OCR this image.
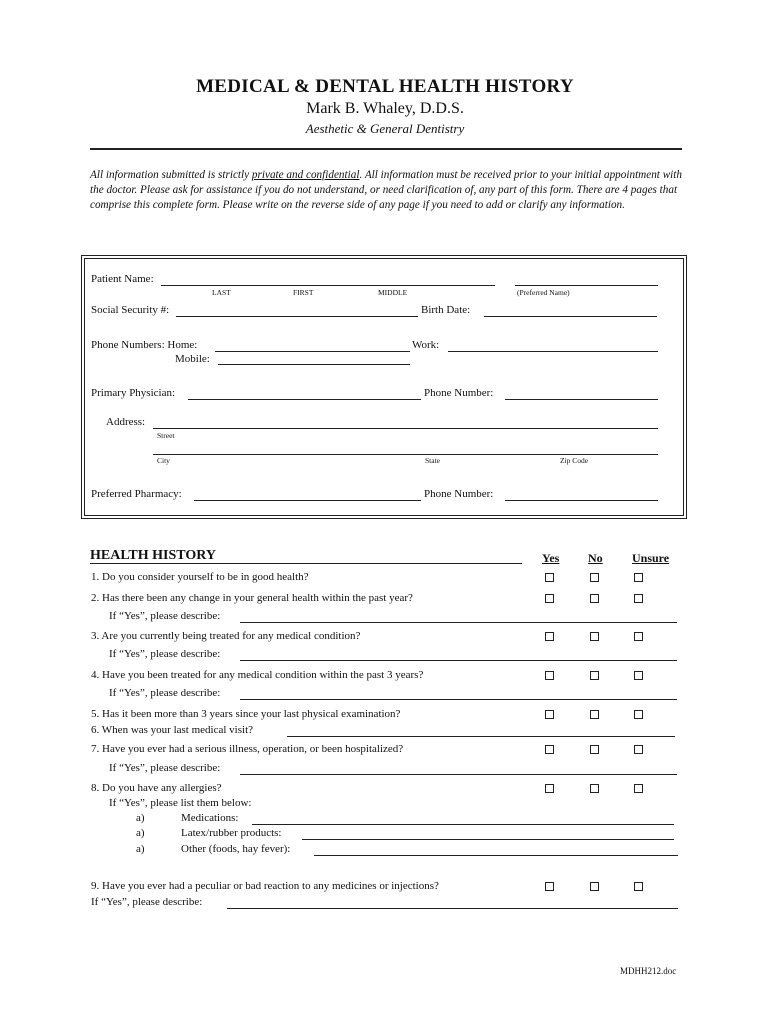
MEDICAL & DENTAL HEALTH HISTORY
Mark B. Whaley, D.D.S.
Aesthetic & General Dentistry
All information submitted is strictly private and confidential. All information must be received prior to your initial appointment with the doctor. Please ask for assistance if you do not understand, or need clarification of, any part of this form. There are 4 pages that comprise this complete form. Please write on the reverse side of any page if you need to add or clarify any information.
Patient Name:
LAST	FIRST	MIDDLE	(Preferred Name)
Social Security #:	Birth Date:
Phone Numbers: Home:	Work:
Mobile:
Primary Physician:	Phone Number:
Address:
Street
City	State	Zip Code
Preferred Pharmacy:	Phone Number:
HEALTH HISTORY	Yes No Unsure
1. Do you consider yourself to be in good health?
2. Has there been any change in your general health within the past year?
If “Yes”, please describe:
3. Are you currently being treated for any medical condition?
If “Yes”, please describe:
4. Have you been treated for any medical condition within the past 3 years?
If “Yes”, please describe:
5. Has it been more than 3 years since your last physical examination?
6. When was your last medical visit?
7. Have you ever had a serious illness, operation, or been hospitalized?
If “Yes”, please describe:
8. Do you have any allergies?
If “Yes”, please list them below:
a)	Medications:
a)	Latex/rubber products:
a)	Other (foods, hay fever):
9. Have you ever had a peculiar or bad reaction to any medicines or injections?
If “Yes”, please describe:
MDHH212.doc
